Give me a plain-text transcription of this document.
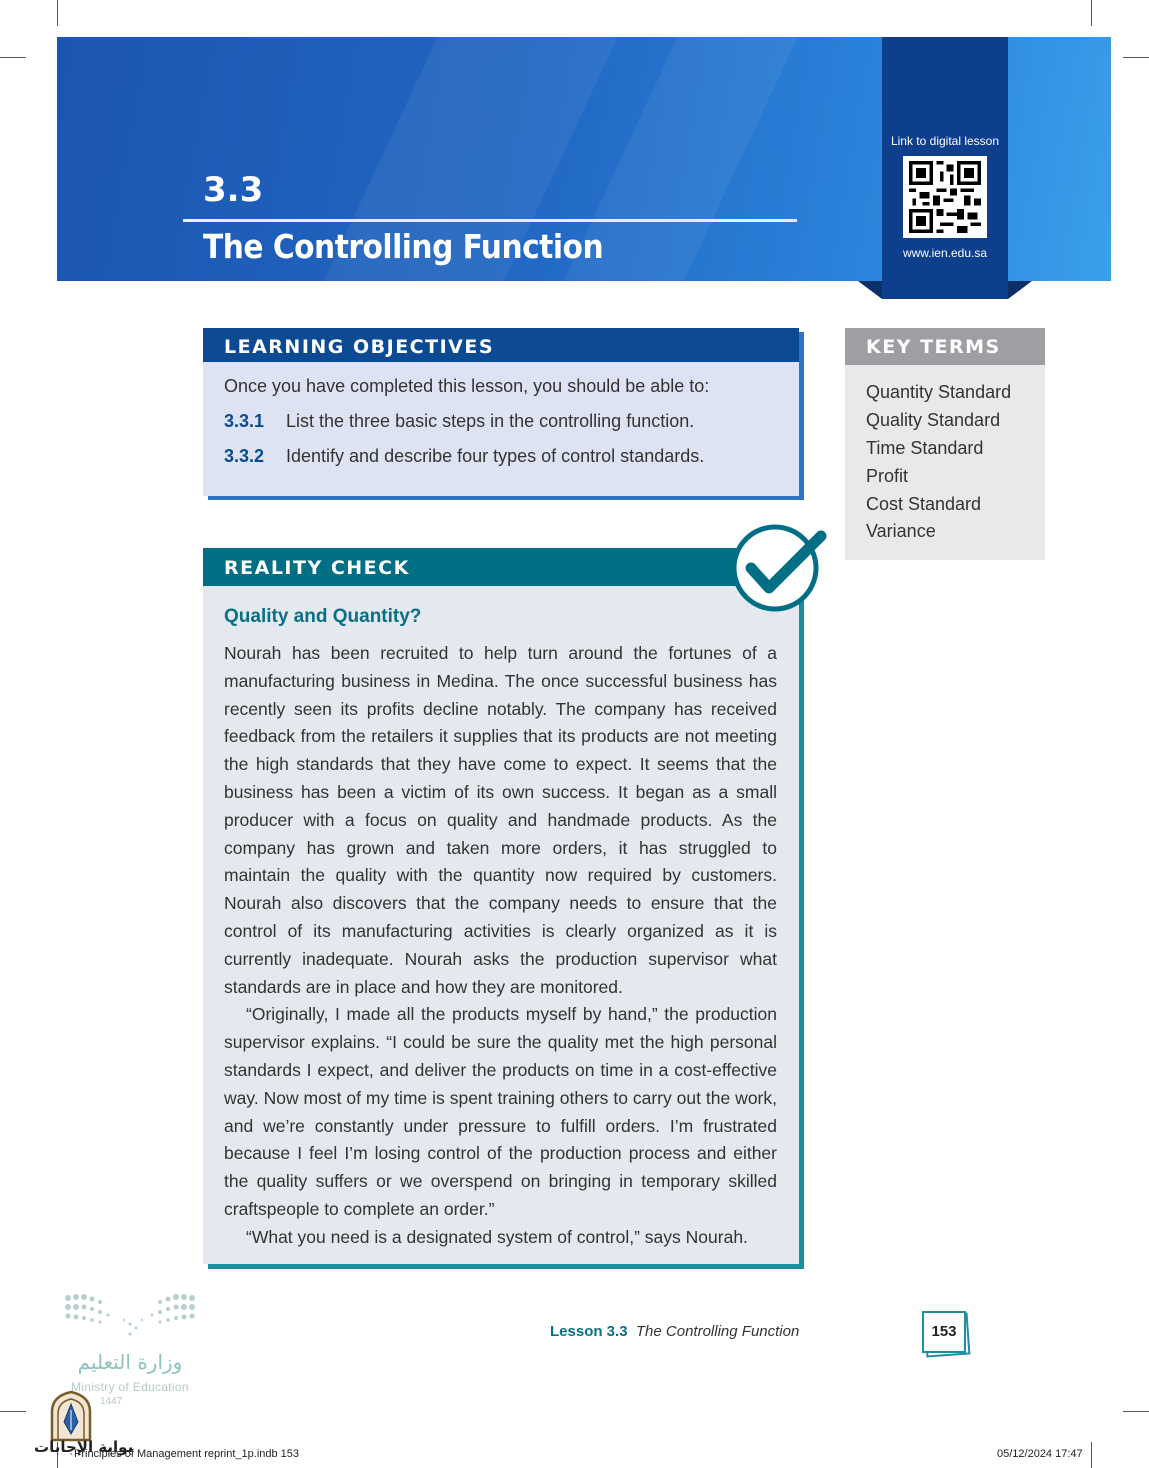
3.3
The Controlling Function
Link to digital lesson
www.ien.edu.sa
LEARNING OBJECTIVES
Once you have completed this lesson, you should be able to:
3.3.1 List the three basic steps in the controlling function.
3.3.2 Identify and describe four types of control standards.
KEY TERMS
Quantity Standard
Quality Standard
Time Standard
Profit
Cost Standard
Variance
REALITY CHECK
Quality and Quantity?

Nourah has been recruited to help turn around the fortunes of a manufacturing business in Medina. The once successful business has recently seen its profits decline notably. The company has received feedback from the retailers it supplies that its products are not meeting the high standards that they have come to expect. It seems that the business has been a victim of its own success. It began as a small producer with a focus on quality and handmade products. As the company has grown and taken more orders, it has struggled to maintain the quality with the quantity now required by customers. Nourah also discovers that the company needs to ensure that the control of its manufacturing activities is clearly organized as it is currently inadequate. Nourah asks the production supervisor what standards are in place and how they are monitored.

“Originally, I made all the products myself by hand,” the production supervisor explains. “I could be sure the quality met the high personal standards I expect, and deliver the products on time in a cost-effective way. Now most of my time is spent training others to carry out the work, and we’re constantly under pressure to fulfill orders. I’m frustrated because I feel I’m losing control of the production process and either the quality suffers or we overspend on bringing in temporary skilled craftspeople to complete an order.”

“What you need is a designated system of control,” says Nourah.

Lesson 3.3 The Controlling Function	153
وزارة التعليم
Ministry of Education
1447
بوابة الإجابات
Principles of Management reprint_1p.indb 153	05/12/2024 17:47
